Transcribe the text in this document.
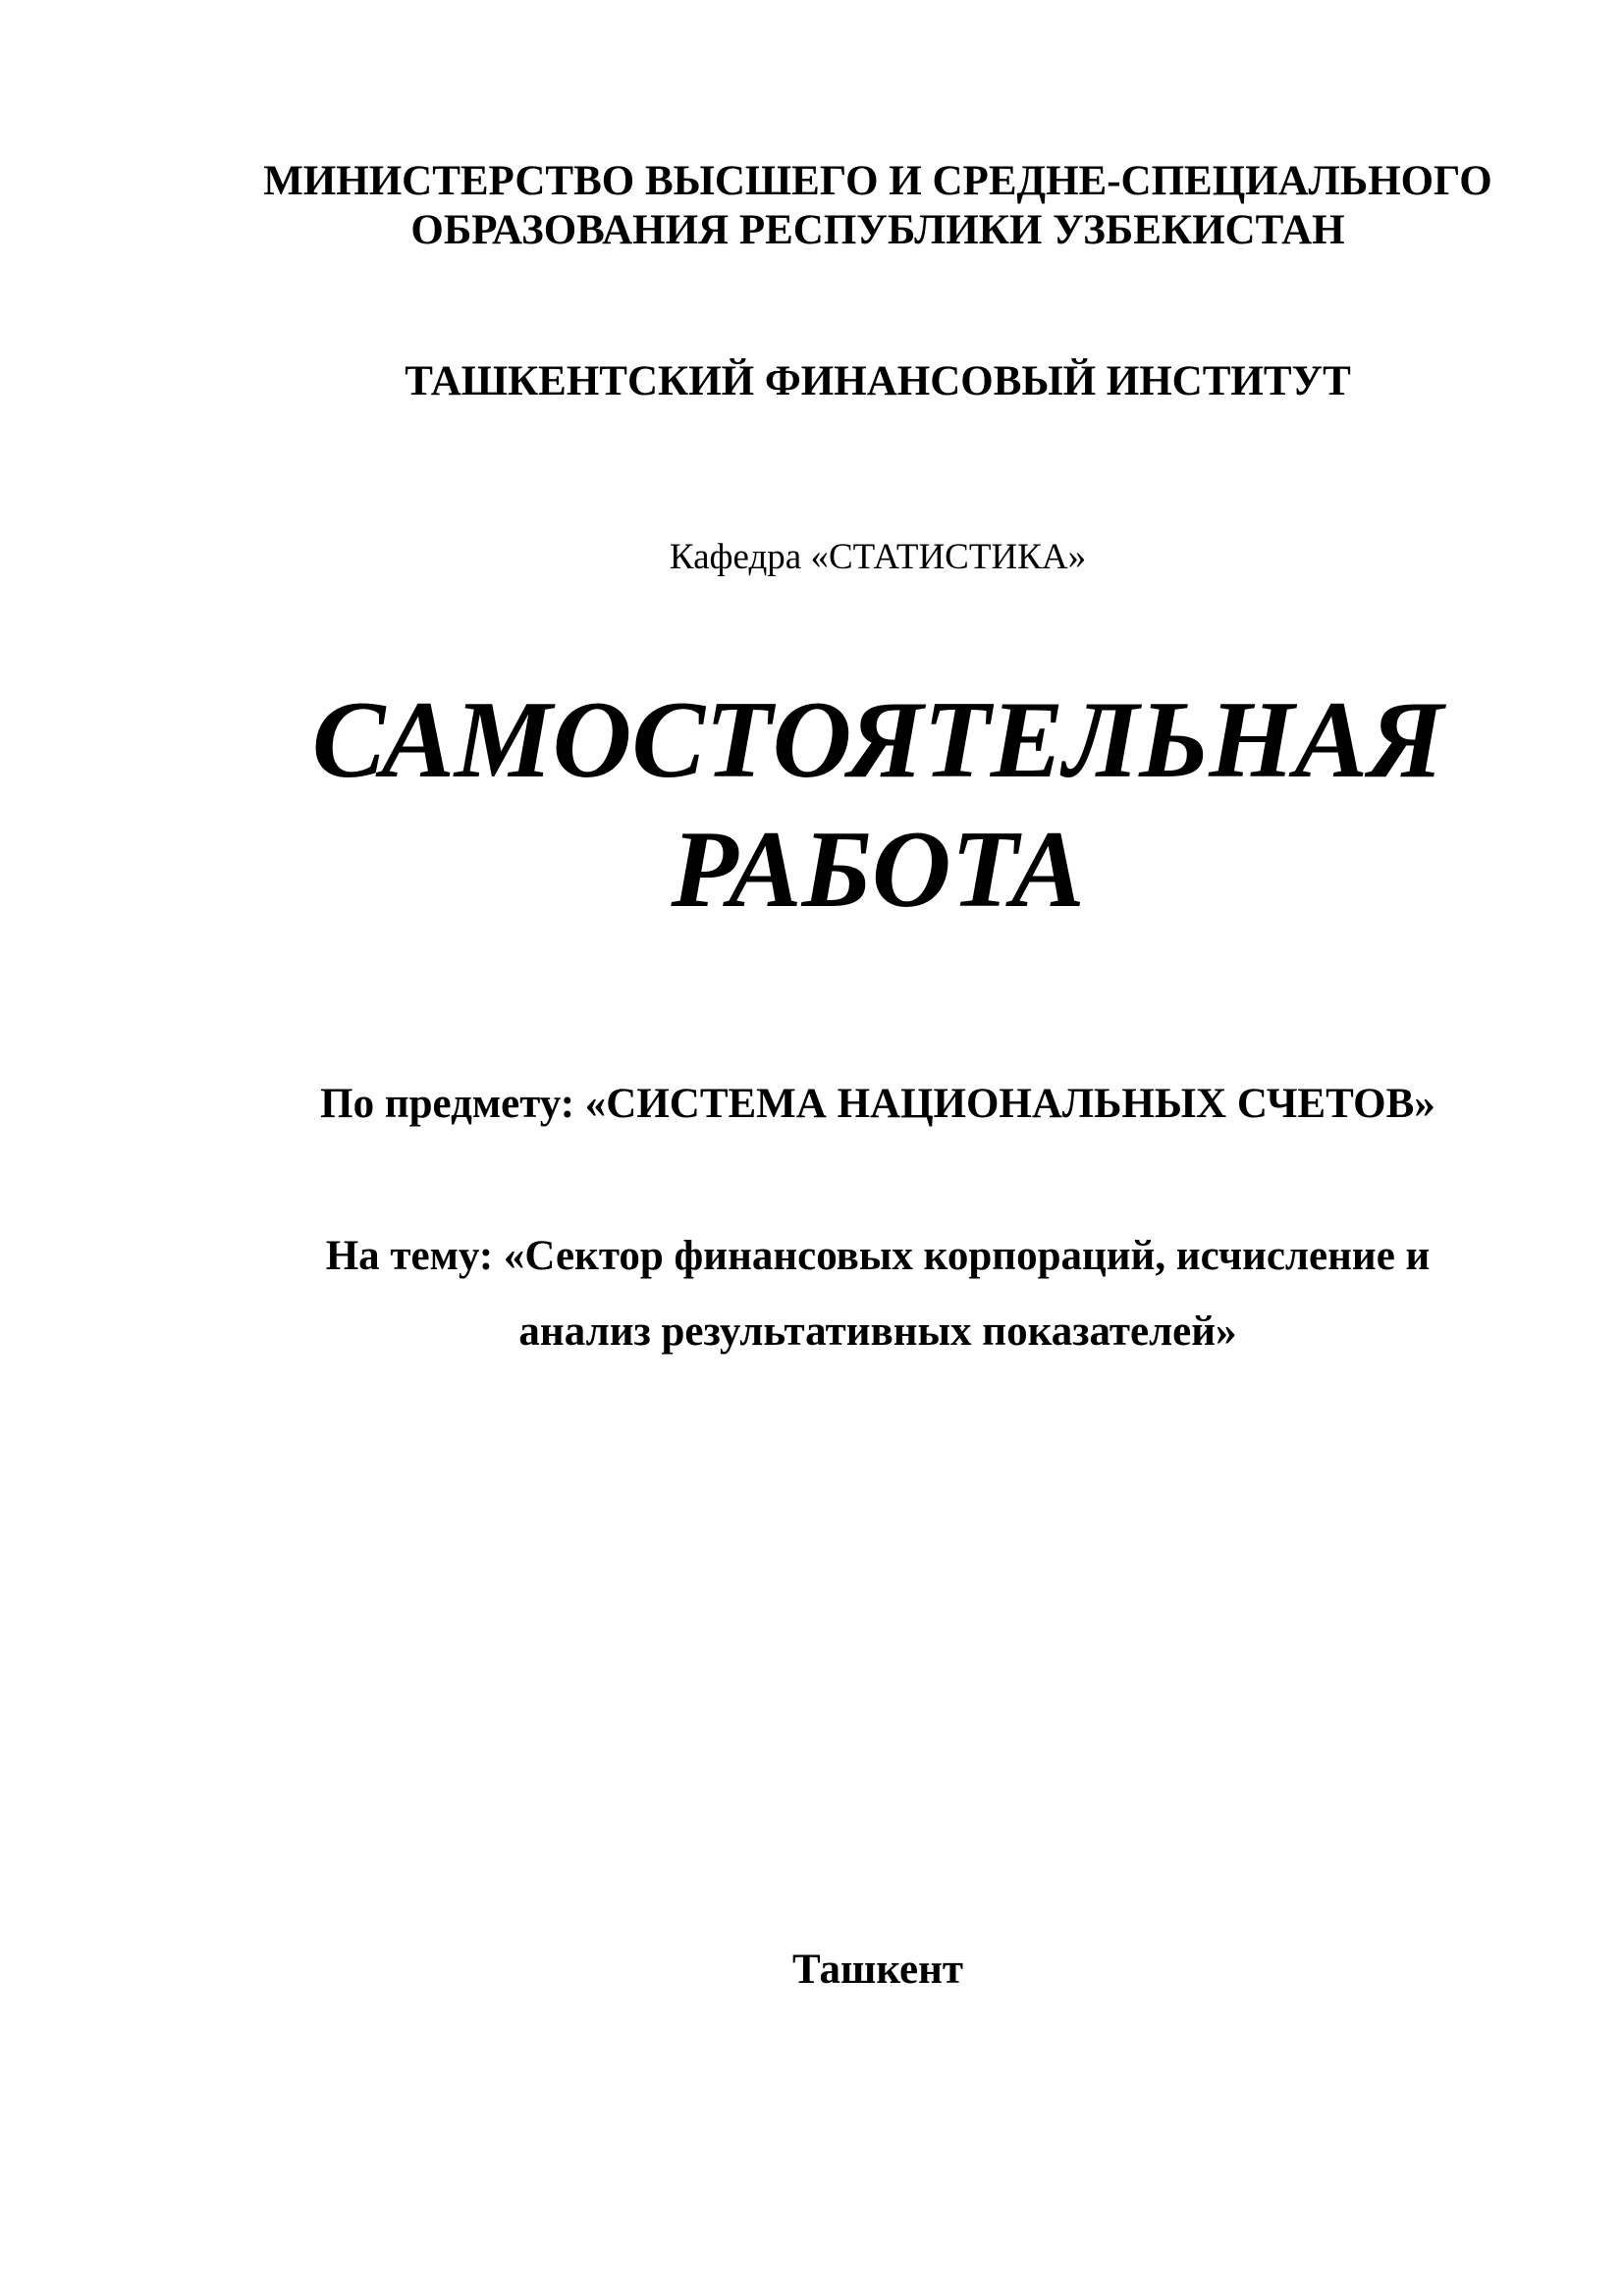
МИНИСТЕРСТВО ВЫСШЕГО И СРЕДНЕ-СПЕЦИАЛЬНОГО
ОБРАЗОВАНИЯ РЕСПУБЛИКИ УЗБЕКИСТАН
ТАШКЕНТСКИЙ ФИНАНСОВЫЙ ИНСТИТУТ
Кафедра «СТАТИСТИКА»
САМОСТОЯТЕЛЬНАЯ
РАБОТА
По предмету: «СИСТЕМА НАЦИОНАЛЬНЫХ СЧЕТОВ»
На тему: «Сектор финансовых корпораций, исчисление и
анализ результативных показателей»
Ташкент
